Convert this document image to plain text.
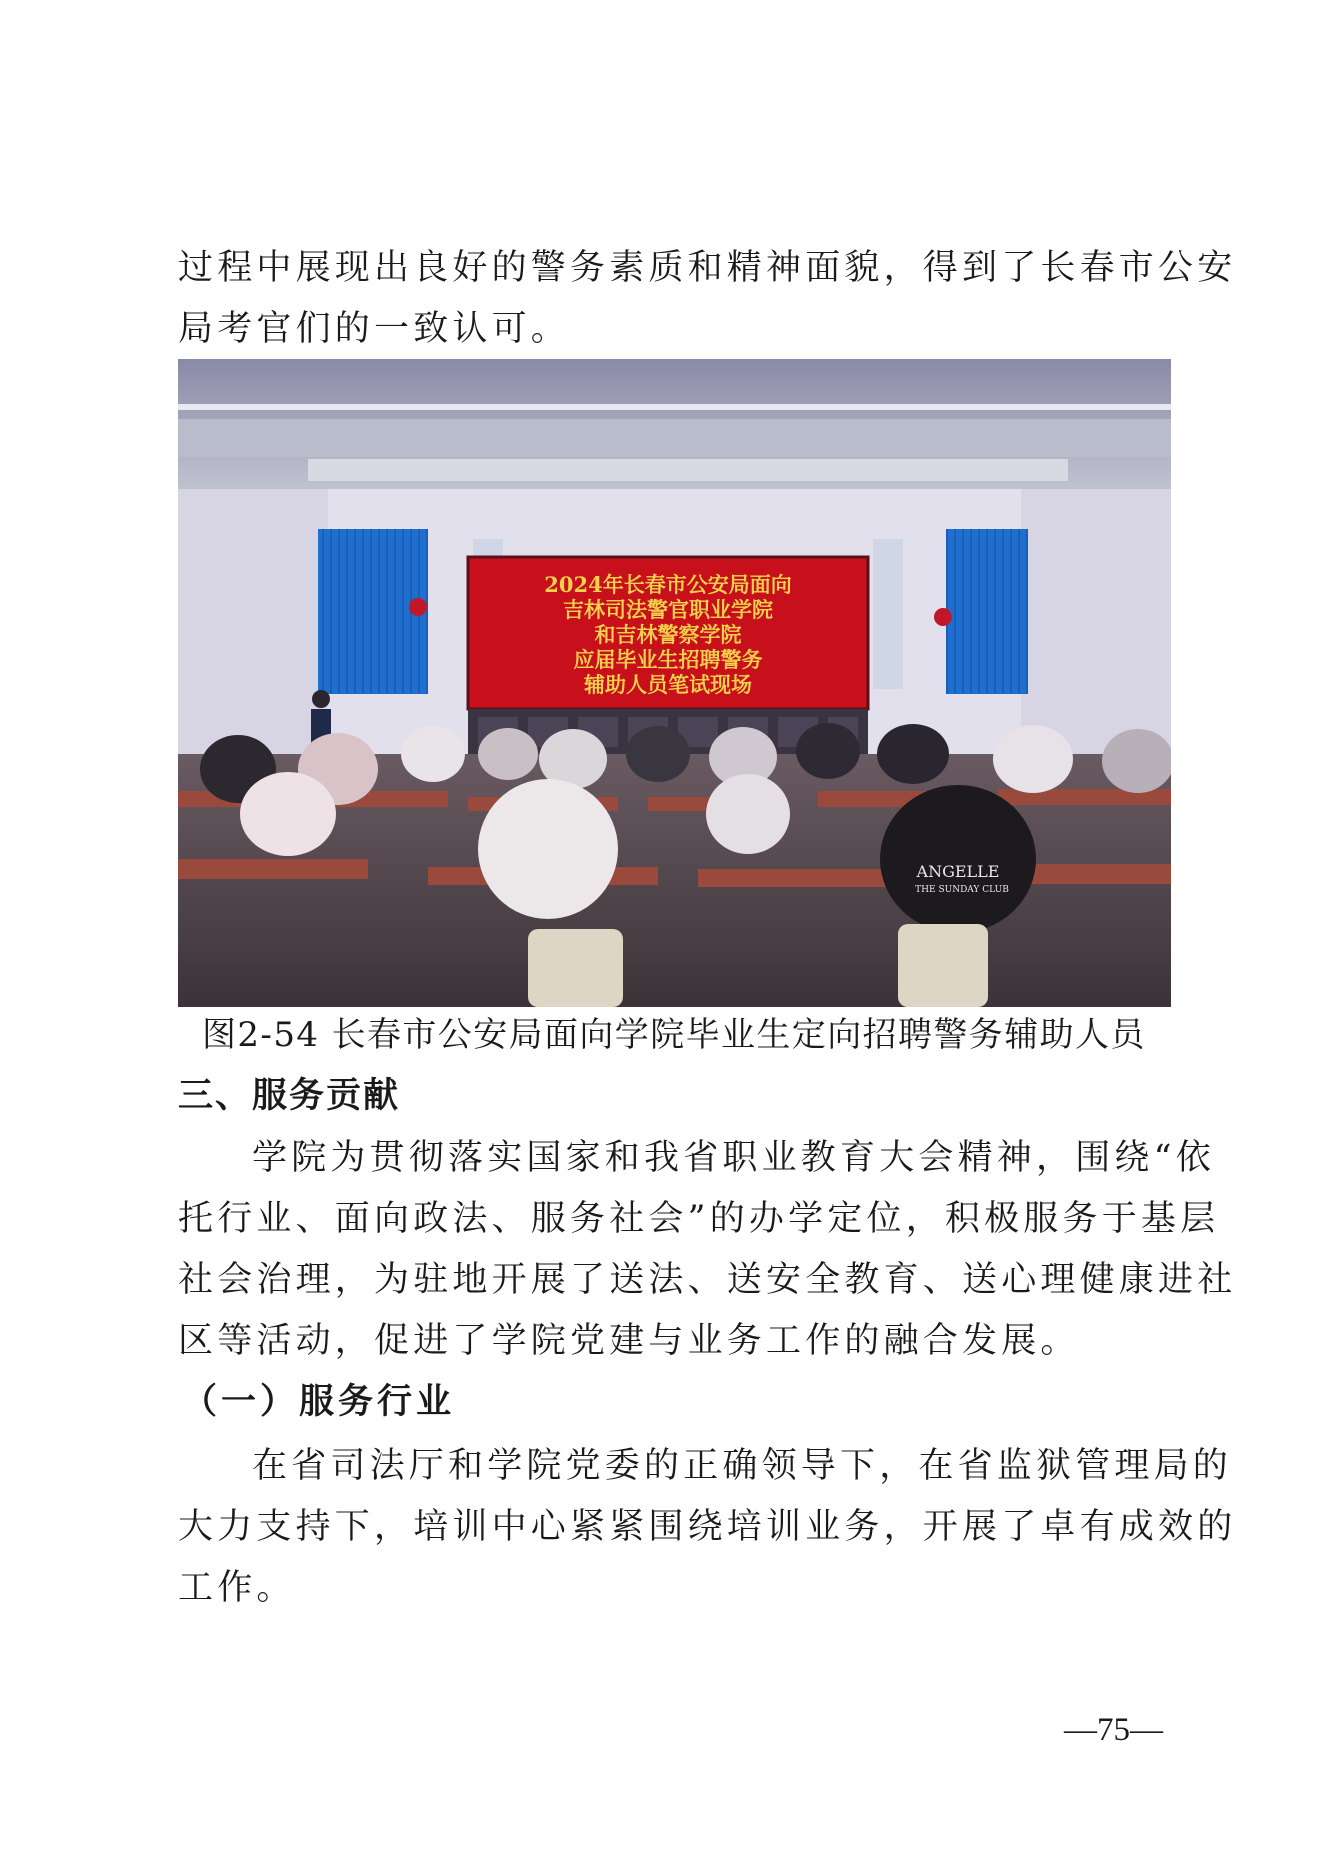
过程中展现出良好的警务素质和精神面貌，得到了长春市公安
局考官们的一致认可。
2024年长春市公安局面向
吉林司法警官职业学院
和吉林警察学院
应届毕业生招聘警务
辅助人员笔试现场
ANGELLE
THE SUNDAY CLUB
图2-54 长春市公安局面向学院毕业生定向招聘警务辅助人员
三、服务贡献
学院为贯彻落实国家和我省职业教育大会精神，围绕“依
托行业、面向政法、服务社会”的办学定位，积极服务于基层
社会治理，为驻地开展了送法、送安全教育、送心理健康进社
区等活动，促进了学院党建与业务工作的融合发展。
（一）服务行业
在省司法厅和学院党委的正确领导下，在省监狱管理局的
大力支持下，培训中心紧紧围绕培训业务，开展了卓有成效的
工作。
—75—
